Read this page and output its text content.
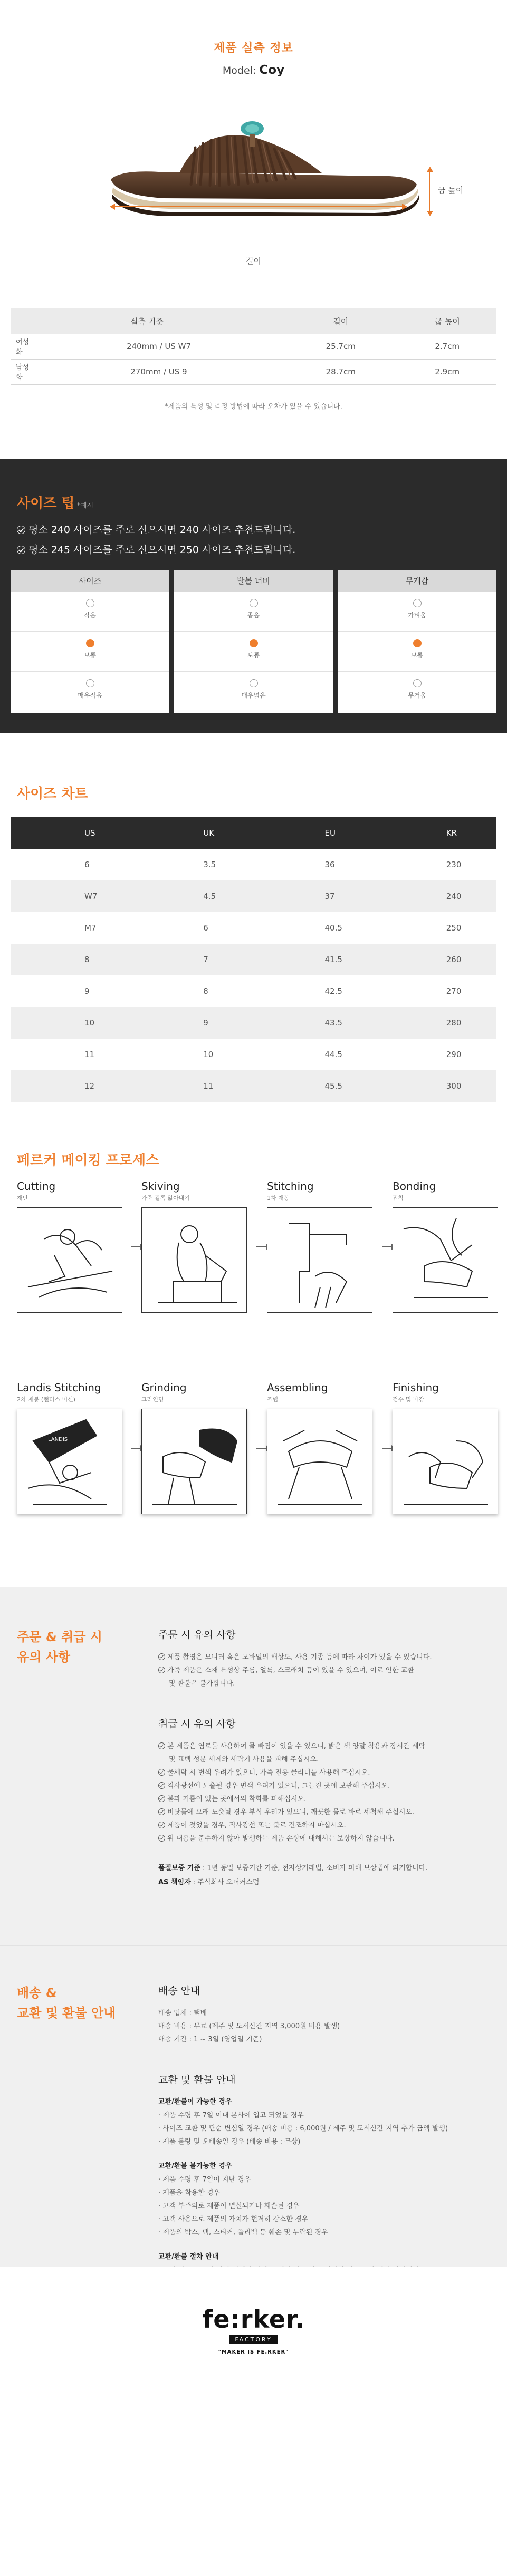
제품 실측 정보
Model: Coy
굽 높이
길이
실측 기준		길이	굽 높이
여성화	240mm / US W7	25.7cm	2.7cm
남성화	270mm / US 9	28.7cm	2.9cm
*제품의 특성 및 측정 방법에 따라 오차가 있을 수 있습니다.
사이즈 팁 *예시
평소 240 사이즈를 주로 신으시면 240 사이즈 추천드립니다.
평소 245 사이즈를 주로 신으시면 250 사이즈 추천드립니다.
사이즈
작음
보통
매우작음
발볼 너비
좁음
보통
매우넓음
무게감
가벼움
보통
무거움
사이즈 차트
US	UK	EU	KR
6	3.5	36	230
W7	4.5	37	240
M7	6	40.5	250
8	7	41.5	260
9	8	42.5	270
10	9	43.5	280
11	10	44.5	290
12	11	45.5	300
페르커 메이킹 프로세스
Cutting
재단
Skiving
가죽 겉쪽 얇아내기
Stitching
1차 재봉
Bonding
접착
Landis Stitching
2차 재봉 (랜디스 머신)
LANDIS
Grinding
그라인딩
Assembling
조립
Finishing
검수 및 마감
주문 & 취급 시
유의 사항
주문 시 유의 사항
제품 촬영은 모니터 혹은 모바일의 해상도, 사용 기종 등에 따라 차이가 있을 수 있습니다.
가죽 제품은 소재 특성상 주름, 얼룩, 스크래치 등이 있을 수 있으며, 이로 인한 교환
및 환불은 불가합니다.
취급 시 유의 사항
본 제품은 염료를 사용하여 물 빠짐이 있을 수 있으니, 밝은 색 양말 착용과 장시간 세탁
및 표백 성분 세제와 세탁기 사용을 피해 주십시오.
물세탁 시 변색 우려가 있으니, 가죽 전용 클리너를 사용해 주십시오.
직사광선에 노출될 경우 변색 우려가 있으니, 그늘진 곳에 보관해 주십시오.
불과 기름이 있는 곳에서의 착화를 피해십시오.
비닷물에 오래 노출될 경우 부식 우려가 있으니, 깨끗한 물로 바로 세척해 주십시오.
제품이 젖었을 경우, 직사광선 또는 불로 건조하지 마십시오.
위 내용을 준수하지 않아 발생하는 제품 손상에 대해서는 보상하지 않습니다.
품질보증 기준 : 1년 동일 보증기간 기준, 전자상거래법, 소비자 피해 보상법에 의거합니다.
AS 책임자 : 주식회사 오더커스텀
배송 &
교환 및 환불 안내
배송 안내
배송 업체 : 택배
배송 비용 : 무료 (제주 및 도서산간 지역 3,000원 비용 발생)
배송 기간 : 1 ~ 3일 (영업일 기준)
교환 및 환불 안내
교환/환불이 가능한 경우
· 제품 수령 후 7일 이내 본사에 입고 되었을 경우
· 사이즈 교환 및 단순 변심일 경우 (배송 비용 : 6,000원 / 제주 및 도서산간 지역 추가 금액 발생)
· 제품 불량 및 오배송일 경우 (배송 비용 : 무상)
교환/환불 불가능한 경우
· 제품 수령 후 7일이 지난 경우
· 제품을 착용한 경우
· 고객 부주의로 제품이 멸실되거나 훼손된 경우
· 고객 사용으로 제품의 가치가 현저히 감소한 경우
· 제품의 박스, 택, 스티커, 폴리백 등 훼손 및 누락된 경우
교환/환불 절차 안내
fe:rker.
FACTORY
"MAKER IS FE.RKER"
